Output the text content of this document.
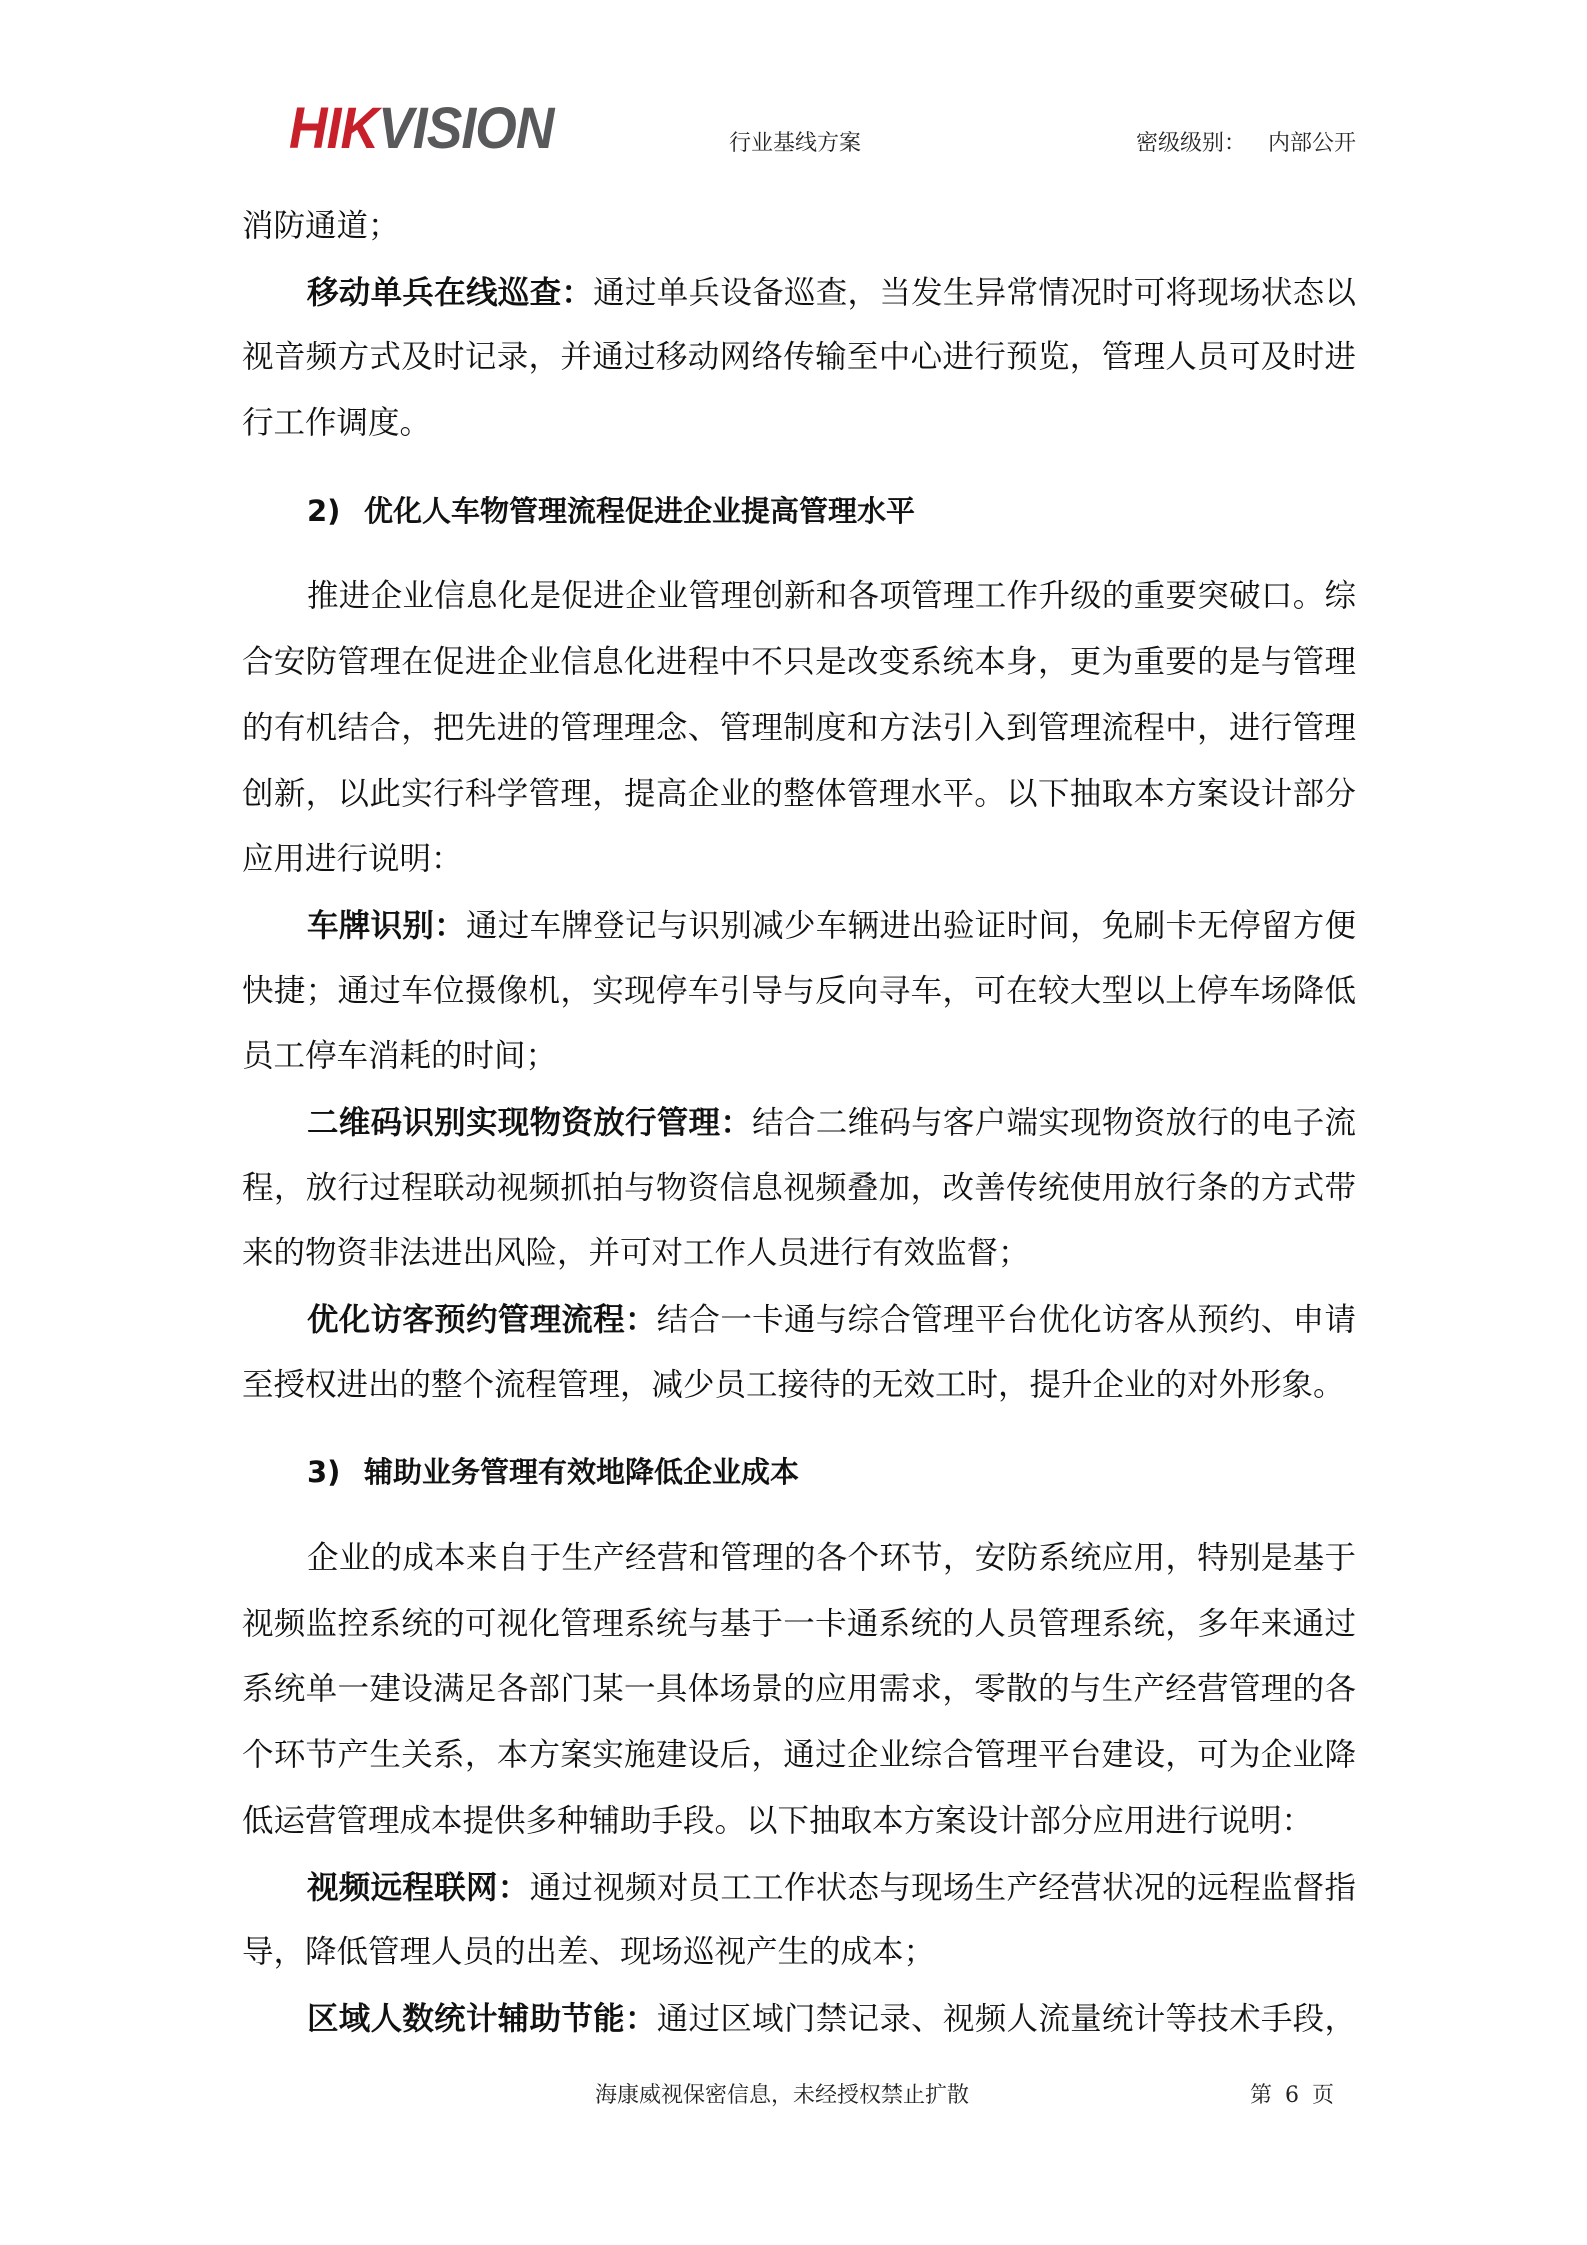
HIKVISION	行业基线方案	密级级别： 内部公开
消防通道；
移动单兵在线巡查：通过单兵设备巡查，当发生异常情况时可将现场状态以
视音频方式及时记录，并通过移动网络传输至中心进行预览，管理人员可及时进
行工作调度。
2) 优化人车物管理流程促进企业提高管理水平
推进企业信息化是促进企业管理创新和各项管理工作升级的重要突破口。综
合安防管理在促进企业信息化进程中不只是改变系统本身，更为重要的是与管理
的有机结合，把先进的管理理念、管理制度和方法引入到管理流程中，进行管理
创新，以此实行科学管理，提高企业的整体管理水平。以下抽取本方案设计部分
应用进行说明：
车牌识别：通过车牌登记与识别减少车辆进出验证时间，免刷卡无停留方便
快捷；通过车位摄像机，实现停车引导与反向寻车，可在较大型以上停车场降低
员工停车消耗的时间；
二维码识别实现物资放行管理：结合二维码与客户端实现物资放行的电子流
程，放行过程联动视频抓拍与物资信息视频叠加，改善传统使用放行条的方式带
来的物资非法进出风险，并可对工作人员进行有效监督；
优化访客预约管理流程：结合一卡通与综合管理平台优化访客从预约、申请
至授权进出的整个流程管理，减少员工接待的无效工时，提升企业的对外形象。
3) 辅助业务管理有效地降低企业成本
企业的成本来自于生产经营和管理的各个环节，安防系统应用，特别是基于
视频监控系统的可视化管理系统与基于一卡通系统的人员管理系统，多年来通过
系统单一建设满足各部门某一具体场景的应用需求，零散的与生产经营管理的各
个环节产生关系，本方案实施建设后，通过企业综合管理平台建设，可为企业降
低运营管理成本提供多种辅助手段。以下抽取本方案设计部分应用进行说明：
视频远程联网：通过视频对员工工作状态与现场生产经营状况的远程监督指
导，降低管理人员的出差、现场巡视产生的成本；
区域人数统计辅助节能：通过区域门禁记录、视频人流量统计等技术手段，
海康威视保密信息，未经授权禁止扩散	第 6 页
